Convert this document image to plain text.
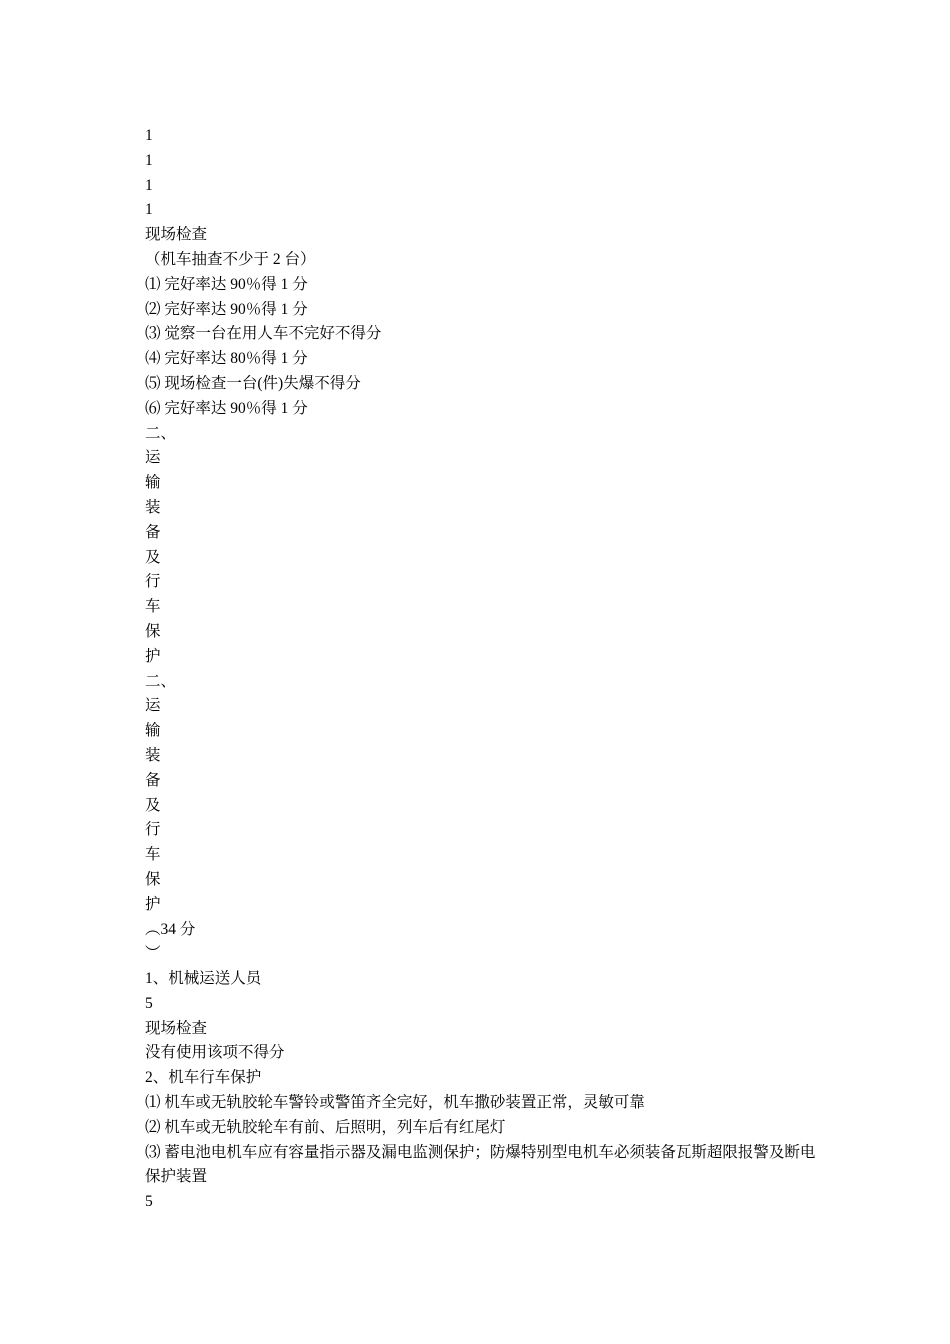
1

1

1

1

现场检查

（机车抽查不少于 2 台）

⑴ 完好率达 90％得 1 分

⑵ 完好率达 90％得 1 分

⑶ 觉察一台在用人车不完好不得分

⑷ 完好率达 80％得 1 分

⑸ 现场检查一台(件)失爆不得分

⑹ 完好率达 90％得 1 分

二、

运

输

装

备

及

行

车

保

护

二、

运

输

装

备

及

行

车

保

护

︵34 分

︶

1、机械运送人员

5

现场检查

没有使用该项不得分

2、机车行车保护

⑴ 机车或无轨胶轮车警铃或警笛齐全完好，机车撒砂装置正常，灵敏可靠

⑵ 机车或无轨胶轮车有前、后照明，列车后有红尾灯

⑶ 蓄电池电机车应有容量指示器及漏电监测保护；防爆特别型电机车必须装备瓦斯超限报警及断电保护装置

5
